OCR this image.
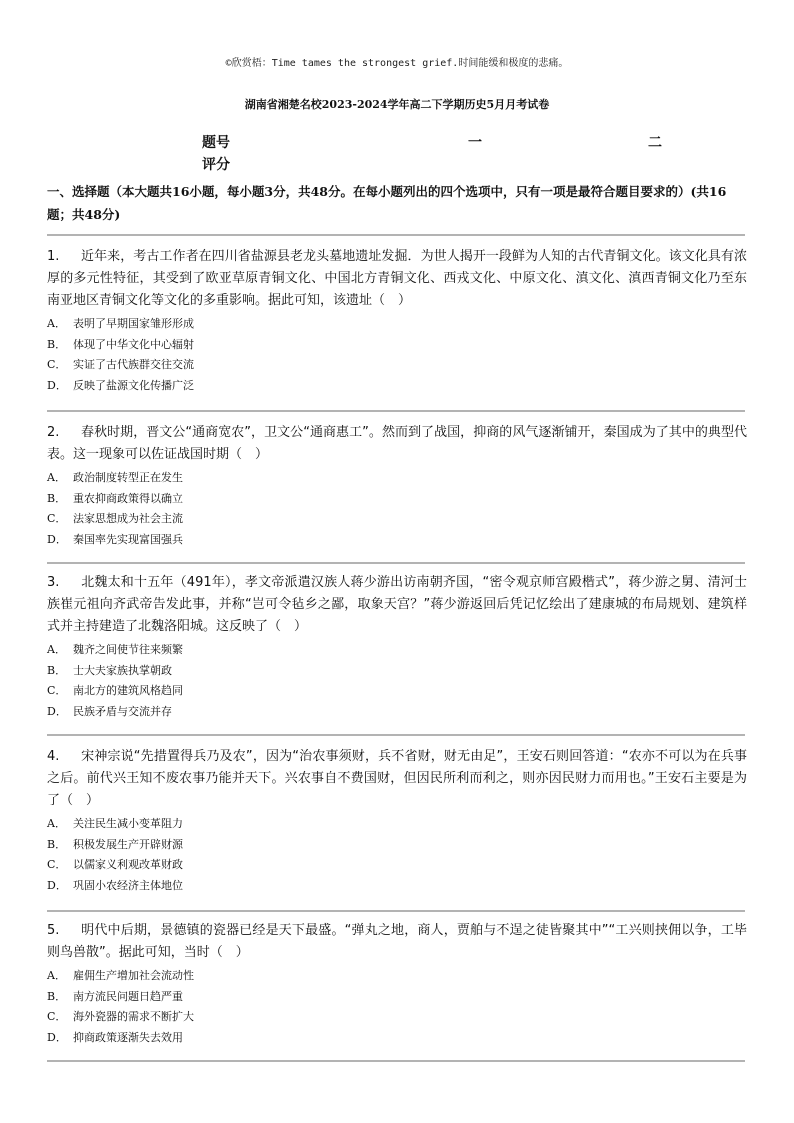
©欣赏梧：Time tames the strongest grief.时间能缓和极度的悲痛。
湖南省湘楚名校2023-2024学年高二下学期历史5月月考试卷
题号	一	二
评分
一、选择题（本大题共16小题，每小题3分，共48分。在每小题列出的四个选项中，只有一项是最符合题目要求的）(共16题；共48分)

1. 近年来，考古工作者在四川省盐源县老龙头墓地遗址发掘．为世人揭开一段鲜为人知的古代青铜文化。该文化具有浓厚的多元性特征，其受到了欧亚草原青铜文化、中国北方青铜文化、西戎文化、中原文化、滇文化、滇西青铜文化乃至东南亚地区青铜文化等文化的多重影响。据此可知，该遗址（　）

A． 表明了早期国家雏形形成
B． 体现了中华文化中心辐射
C． 实证了古代族群交往交流
D． 反映了盐源文化传播广泛

2. 春秋时期，晋文公“通商宽农”，卫文公“通商惠工”。然而到了战国，抑商的风气逐渐铺开，秦国成为了其中的典型代表。这一现象可以佐证战国时期（　）

A． 政治制度转型正在发生
B． 重农抑商政策得以确立
C． 法家思想成为社会主流
D． 秦国率先实现富国强兵

3. 北魏太和十五年（491年），孝文帝派遣汉族人蒋少游出访南朝齐国，“密令观京师宫殿楷式”，蒋少游之舅、清河士族崔元祖向齐武帝告发此事，并称“岂可令毡乡之鄙，取象天宫？”蒋少游返回后凭记忆绘出了建康城的布局规划、建筑样式并主持建造了北魏洛阳城。这反映了（　）

A． 魏齐之间使节往来频繁
B． 士大夫家族执掌朝政
C． 南北方的建筑风格趋同
D． 民族矛盾与交流并存

4. 宋神宗说“先措置得兵乃及农”，因为“治农事须财，兵不省财，财无由足”，王安石则回答道：“农亦不可以为在兵事之后。前代兴王知不废农事乃能并天下。兴农事自不费国财，但因民所利而利之，则亦因民财力而用也。”王安石主要是为了（　）

A． 关注民生减小变革阻力
B． 积极发展生产开辟财源
C． 以儒家义利观改革财政
D． 巩固小农经济主体地位

5. 明代中后期，景德镇的瓷器已经是天下最盛。“弹丸之地，商人，贾舶与不逞之徒皆聚其中”“工兴则挟佣以争，工毕则鸟兽散”。据此可知，当时（　）

A． 雇佣生产增加社会流动性
B． 南方流民问题日趋严重
C． 海外瓷器的需求不断扩大
D． 抑商政策逐渐失去效用
